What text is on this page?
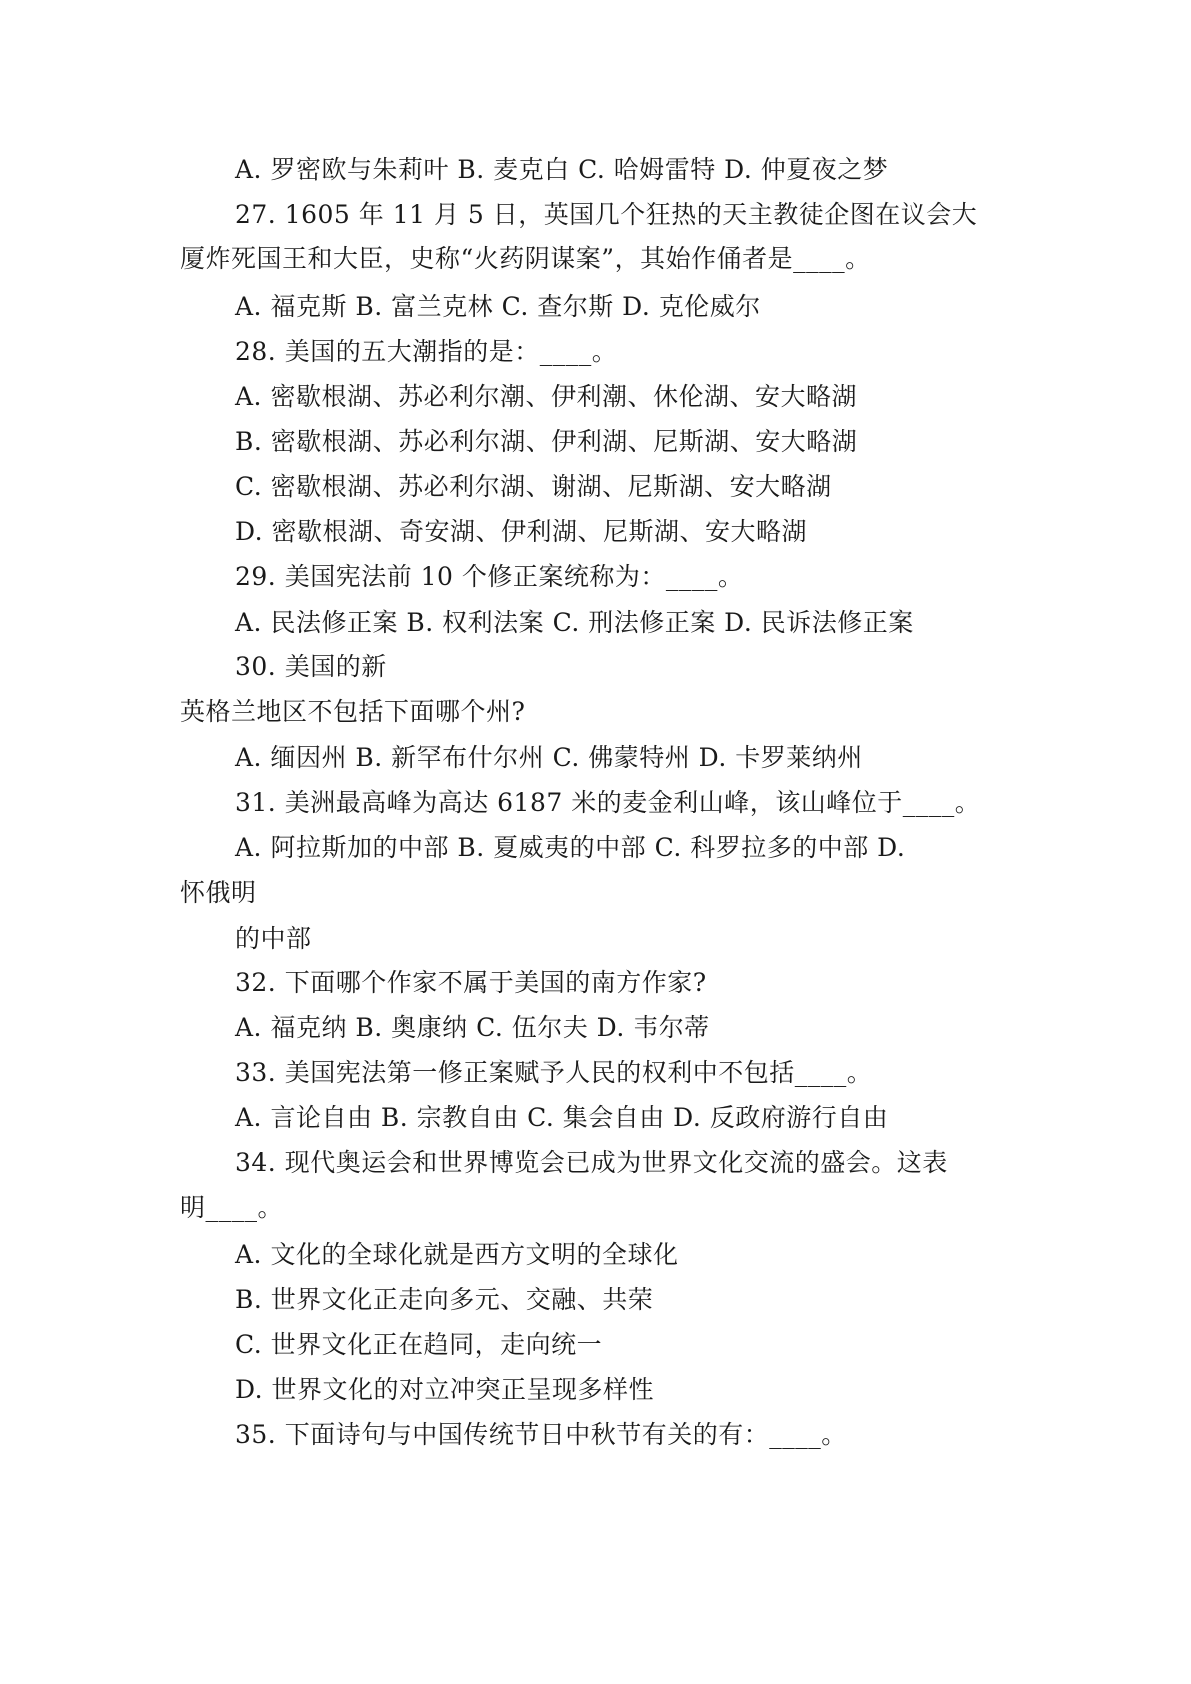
A. 罗密欧与朱莉叶 B. 麦克白 C. 哈姆雷特 D. 仲夏夜之梦
27. 1605 年 11 月 5 日，英国几个狂热的天主教徒企图在议会大
厦炸死国王和大臣，史称“火药阴谋案”，其始作俑者是____。
A. 福克斯 B. 富兰克林 C. 查尔斯 D. 克伦威尔
28. 美国的五大潮指的是：____。
A. 密歇根湖、苏必利尔潮、伊利潮、休伦湖、安大略湖
B. 密歇根湖、苏必利尔湖、伊利湖、尼斯湖、安大略湖
C. 密歇根湖、苏必利尔湖、谢湖、尼斯湖、安大略湖
D. 密歇根湖、奇安湖、伊利湖、尼斯湖、安大略湖
29. 美国宪法前 10 个修正案统称为：____。
A. 民法修正案 B. 权利法案 C. 刑法修正案 D. 民诉法修正案
30. 美国的新
英格兰地区不包括下面哪个州?
A. 缅因州 B. 新罕布什尔州 C. 佛蒙特州 D. 卡罗莱纳州
31. 美洲最高峰为高达 6187 米的麦金利山峰，该山峰位于____。
A. 阿拉斯加的中部 B. 夏威夷的中部 C. 科罗拉多的中部 D.
怀俄明
的中部
32. 下面哪个作家不属于美国的南方作家?
A. 福克纳 B. 奥康纳 C. 伍尔夫 D. 韦尔蒂
33. 美国宪法第一修正案赋予人民的权利中不包括____。
A. 言论自由 B. 宗教自由 C. 集会自由 D. 反政府游行自由
34. 现代奥运会和世界博览会已成为世界文化交流的盛会。这表
明____。
A. 文化的全球化就是西方文明的全球化
B. 世界文化正走向多元、交融、共荣
C. 世界文化正在趋同，走向统一
D. 世界文化的对立冲突正呈现多样性
35. 下面诗句与中国传统节日中秋节有关的有：____。
